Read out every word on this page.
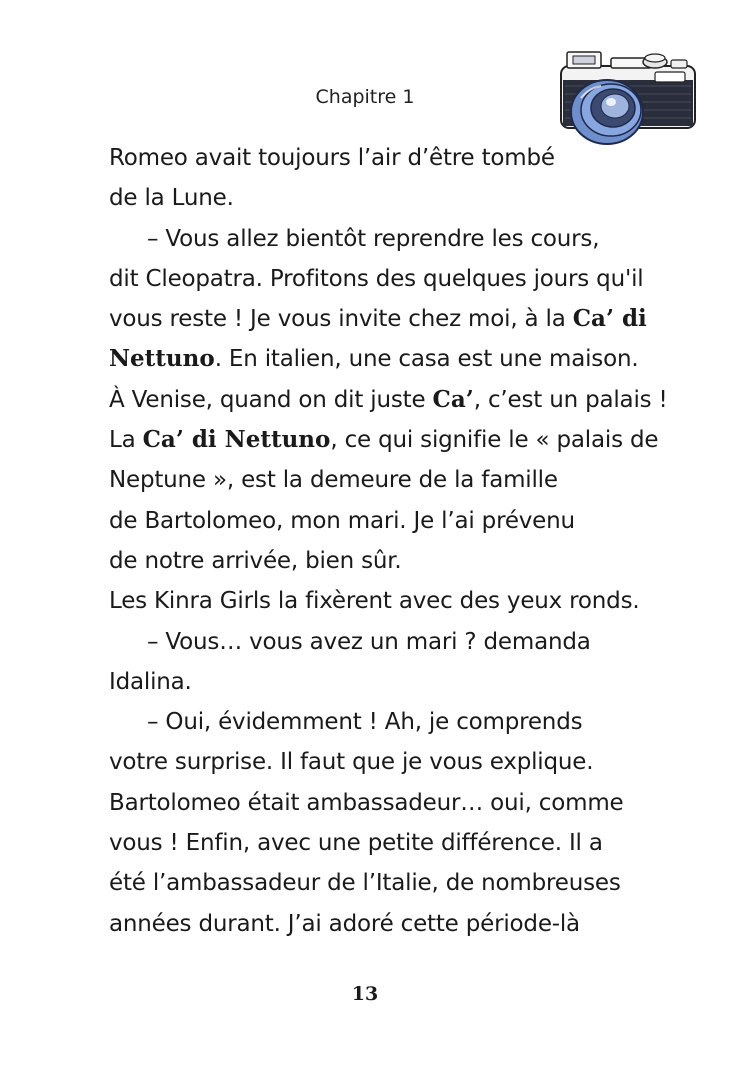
Chapitre 1
Romeo avait toujours l’air d’être tombé
de la Lune.
– Vous allez bientôt reprendre les cours,
dit Cleopatra. Profitons des quelques jours qu'il
vous reste ! Je vous invite chez moi, à la Ca’ di
Nettuno. En italien, une casa est une maison.
À Venise, quand on dit juste Ca’, c’est un palais !
La Ca’ di Nettuno, ce qui signifie le « palais de
Neptune », est la demeure de la famille
de Bartolomeo, mon mari. Je l’ai prévenu
de notre arrivée, bien sûr.
Les Kinra Girls la fixèrent avec des yeux ronds.
– Vous… vous avez un mari ? demanda
Idalina.
– Oui, évidemment ! Ah, je comprends
votre surprise. Il faut que je vous explique.
Bartolomeo était ambassadeur… oui, comme
vous ! Enfin, avec une petite différence. Il a
été l’ambassadeur de l’Italie, de nombreuses
années durant. J’ai adoré cette période-là
13
